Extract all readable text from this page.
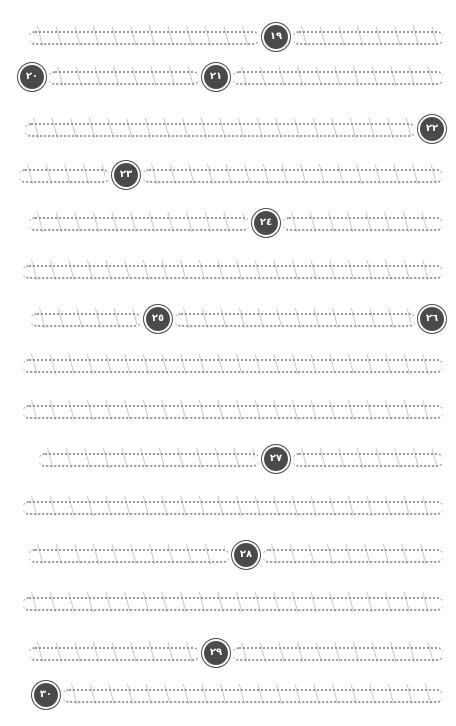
١٩
٢١
٢٠
٢٢
٢٣
٢٤
٢٦
٢٥
٢٧
٢٨
٢٩
٣٠
